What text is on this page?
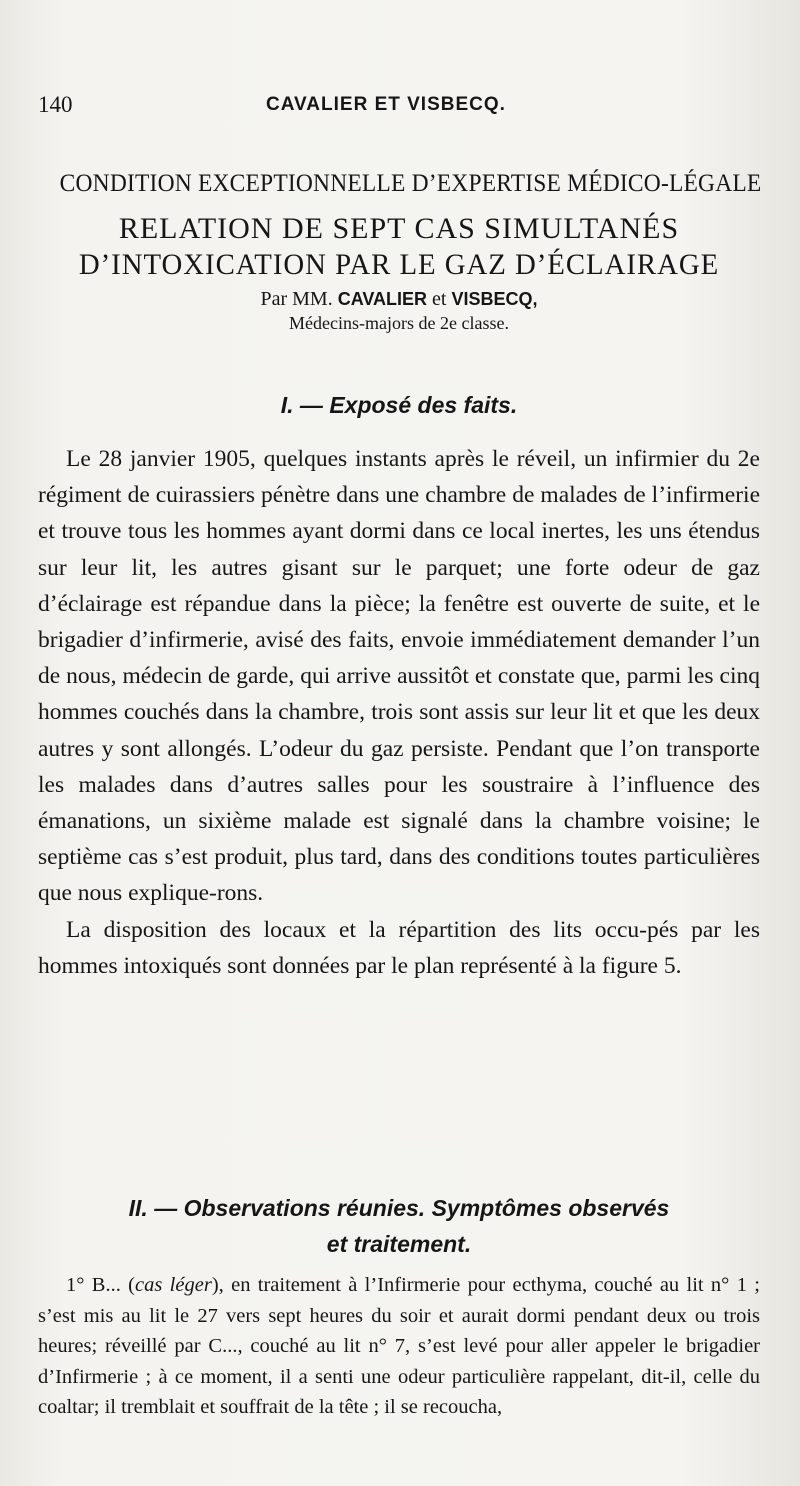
140	CAVALIER ET VISBECQ.
CONDITION EXCEPTIONNELLE D’EXPERTISE MÉDICO-LÉGALE
RELATION DE SEPT CAS SIMULTANÉS
D’INTOXICATION PAR LE GAZ D’ÉCLAIRAGE
Par MM. CAVALIER et VISBECQ,
Médecins-majors de 2e classe.
I. — Exposé des faits.

Le 28 janvier 1905, quelques instants après le réveil, un infirmier du 2e régiment de cuirassiers pénètre dans une chambre de malades de l’infirmerie et trouve tous les hommes ayant dormi dans ce local inertes, les uns étendus sur leur lit, les autres gisant sur le parquet; une forte odeur de gaz d’éclairage est répandue dans la pièce; la fenêtre est ouverte de suite, et le brigadier d’infirmerie, avisé des faits, envoie immédiatement demander l’un de nous, médecin de garde, qui arrive aussitôt et constate que, parmi les cinq hommes couchés dans la chambre, trois sont assis sur leur lit et que les deux autres y sont allongés. L’odeur du gaz persiste. Pendant que l’on transporte les malades dans d’autres salles pour les soustraire à l’influence des émanations, un sixième malade est signalé dans la chambre voisine; le septième cas s’est produit, plus tard, dans des conditions toutes particulières que nous explique-rons.

La disposition des locaux et la répartition des lits occu-pés par les hommes intoxiqués sont données par le plan représenté à la figure 5.

II. — Observations réunies. Symptômes observés
et traitement.

1° B... (cas léger), en traitement à l’Infirmerie pour ecthyma, couché au lit n° 1 ; s’est mis au lit le 27 vers sept heures du soir et aurait dormi pendant deux ou trois heures; réveillé par C..., couché au lit n° 7, s’est levé pour aller appeler le brigadier d’Infirmerie ; à ce moment, il a senti une odeur particulière rappelant, dit-il, celle du coaltar; il tremblait et souffrait de la tête ; il se recoucha,
